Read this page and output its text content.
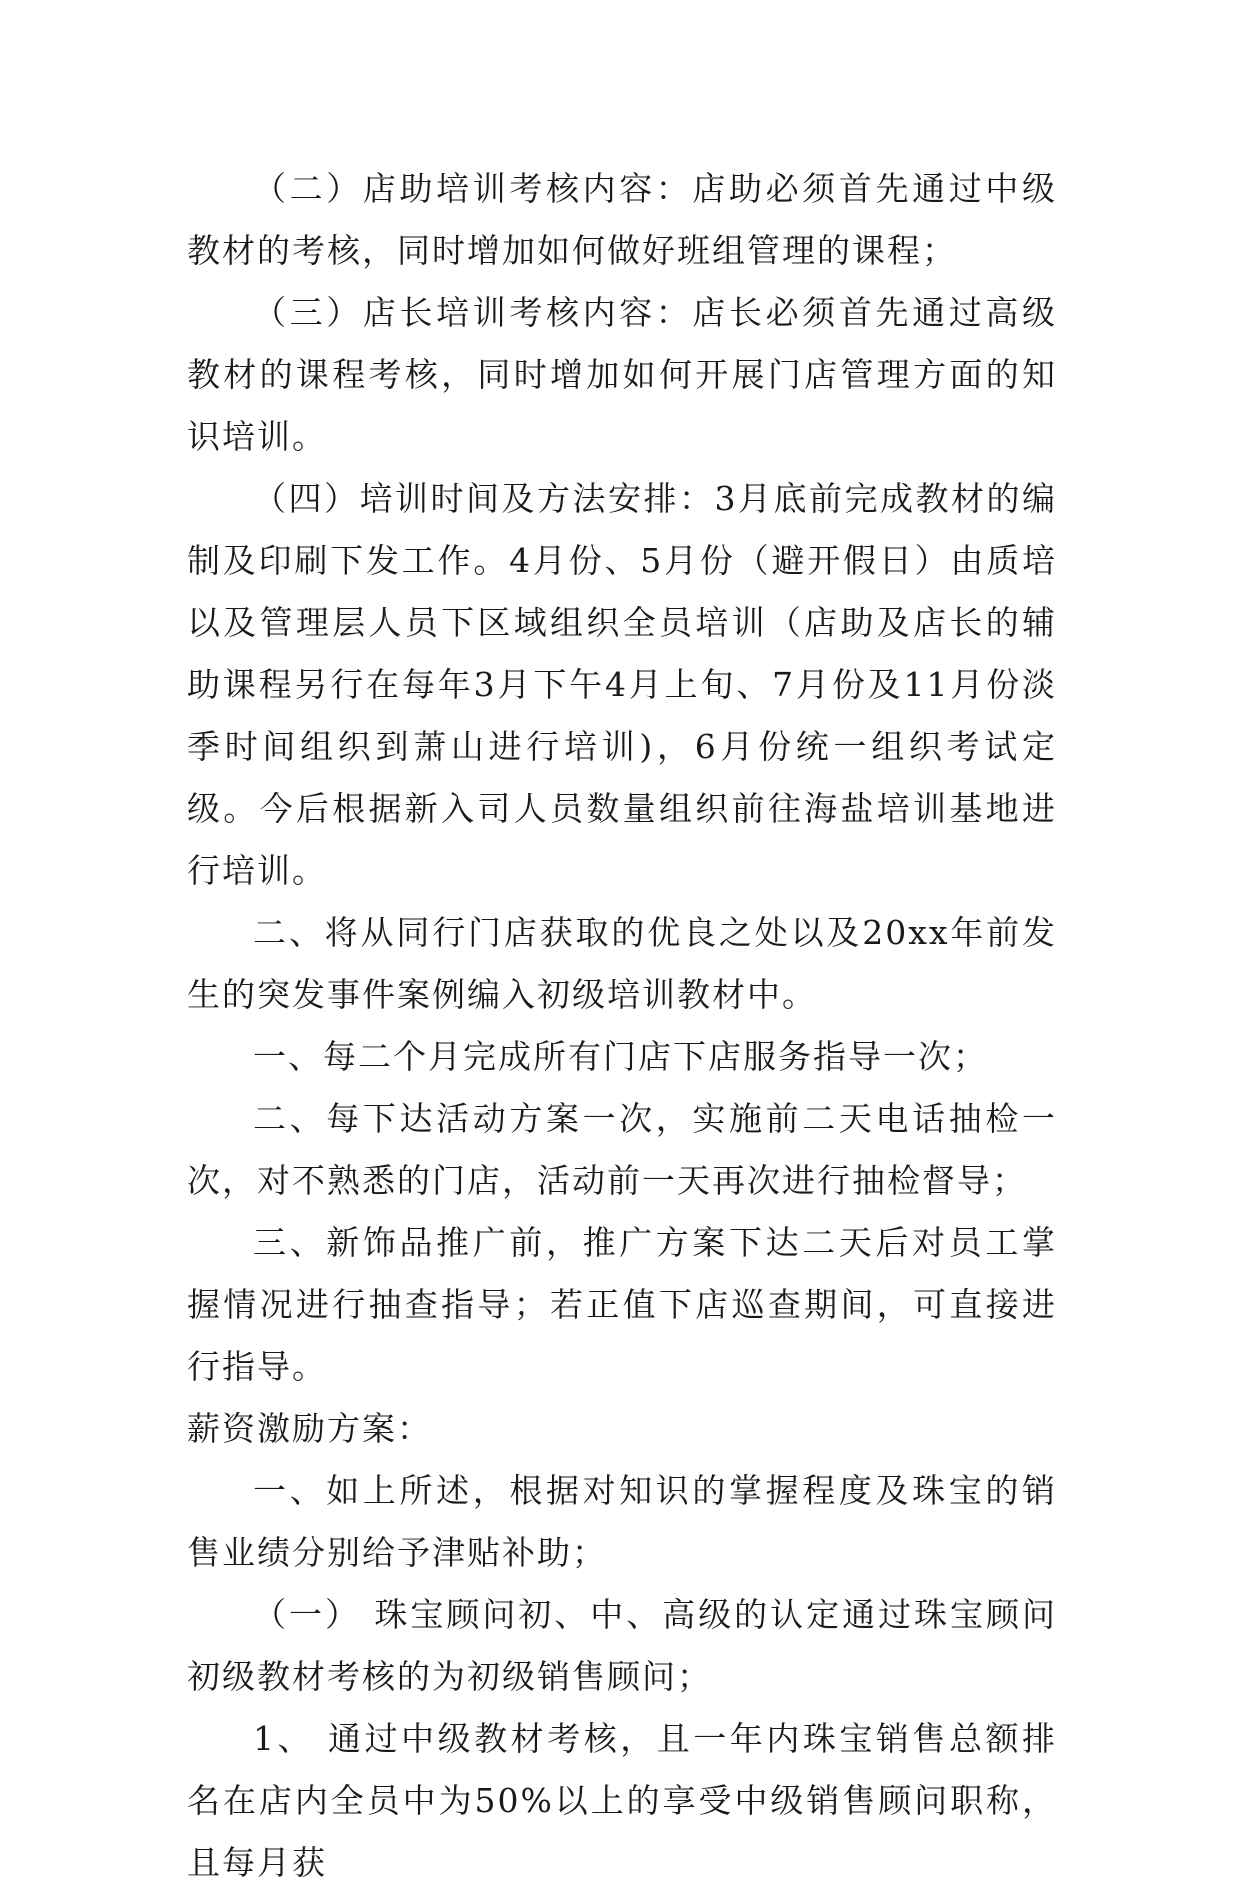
（二）店助培训考核内容：店助必须首先通过中级教材的考核，同时增加如何做好班组管理的课程；

（三）店长培训考核内容：店长必须首先通过高级教材的课程考核，同时增加如何开展门店管理方面的知识培训。

（四）培训时间及方法安排：3月底前完成教材的编制及印刷下发工作。4月份、5月份（避开假日）由质培以及管理层人员下区域组织全员培训（店助及店长的辅助课程另行在每年3月下午4月上旬、7月份及11月份淡季时间组织到萧山进行培训)，6月份统一组织考试定级。今后根据新入司人员数量组织前往海盐培训基地进行培训。

二、将从同行门店获取的优良之处以及20xx年前发生的突发事件案例编入初级培训教材中。

一、每二个月完成所有门店下店服务指导一次；

二、每下达活动方案一次，实施前二天电话抽检一次，对不熟悉的门店，活动前一天再次进行抽检督导；

三、新饰品推广前，推广方案下达二天后对员工掌握情况进行抽查指导；若正值下店巡查期间，可直接进行指导。

薪资激励方案：

一、如上所述，根据对知识的掌握程度及珠宝的销售业绩分别给予津贴补助；

（一） 珠宝顾问初、中、高级的认定通过珠宝顾问初级教材考核的为初级销售顾问；

1、 通过中级教材考核，且一年内珠宝销售总额排名在店内全员中为50%以上的享受中级销售顾问职称，且每月获
